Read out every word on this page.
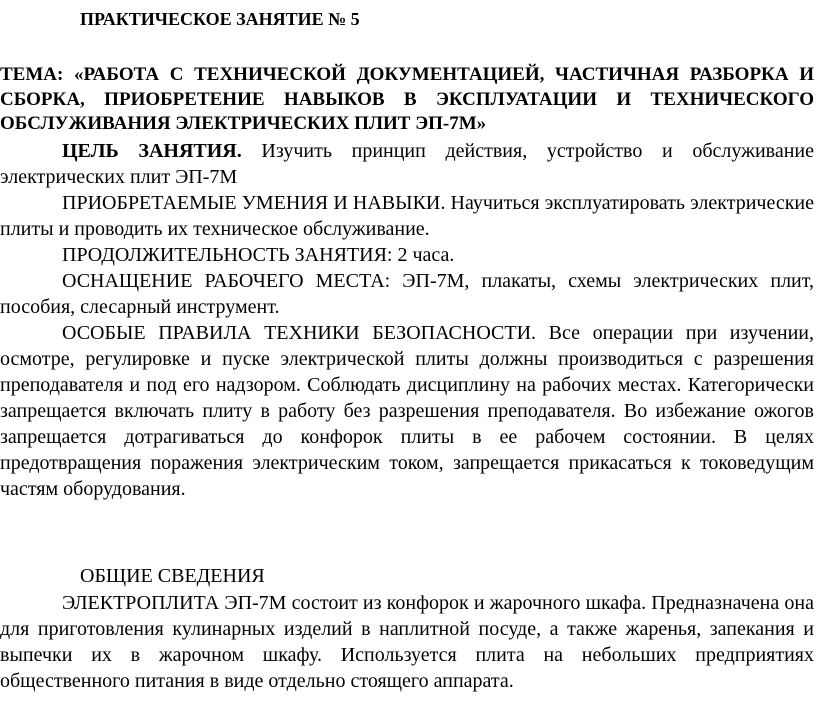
ПРАКТИЧЕСКОЕ ЗАНЯТИЕ № 5
ТЕМА: «РАБОТА С ТЕХНИЧЕСКОЙ ДОКУМЕНТАЦИЕЙ, ЧАСТИЧНАЯ РАЗБОРКА И СБОРКА, ПРИОБРЕТЕНИЕ НАВЫКОВ В ЭКСПЛУАТАЦИИ И ТЕХНИЧЕСКОГО ОБСЛУЖИВАНИЯ ЭЛЕКТРИЧЕСКИХ ПЛИТ ЭП-7М»
ЦЕЛЬ ЗАНЯТИЯ. Изучить принцип действия, устройство и обслуживание электрических плит ЭП-7М
ПРИОБРЕТАЕМЫЕ УМЕНИЯ И НАВЫКИ. Научиться эксплуатировать электрические плиты и проводить их техническое обслуживание.
ПРОДОЛЖИТЕЛЬНОСТЬ ЗАНЯТИЯ: 2 часа.
ОСНАЩЕНИЕ РАБОЧЕГО МЕСТА: ЭП-7М, плакаты, схемы электрических плит, пособия, слесарный инструмент.
ОСОБЫЕ ПРАВИЛА ТЕХНИКИ БЕЗОПАСНОСТИ. Все операции при изучении, осмотре, регулировке и пуске электрической плиты должны производиться с разрешения преподавателя и под его надзором. Соблюдать дисциплину на рабочих местах. Категорически запрещается включать плиту в работу без разрешения преподавателя. Во избежание ожогов запрещается дотрагиваться до конфорок плиты в ее рабочем состоянии. В целях предотвращения поражения электрическим током, запрещается прикасаться к токоведущим частям оборудования.
ОБЩИЕ СВЕДЕНИЯ
ЭЛЕКТРОПЛИТА ЭП-7М состоит из конфорок и жарочного шкафа. Предназначена она для приготовления кулинарных изделий в наплитной посуде, а также жаренья, запекания и выпечки их в жарочном шкафу. Используется плита на небольших предприятиях общественного питания в виде отдельно стоящего аппарата.
